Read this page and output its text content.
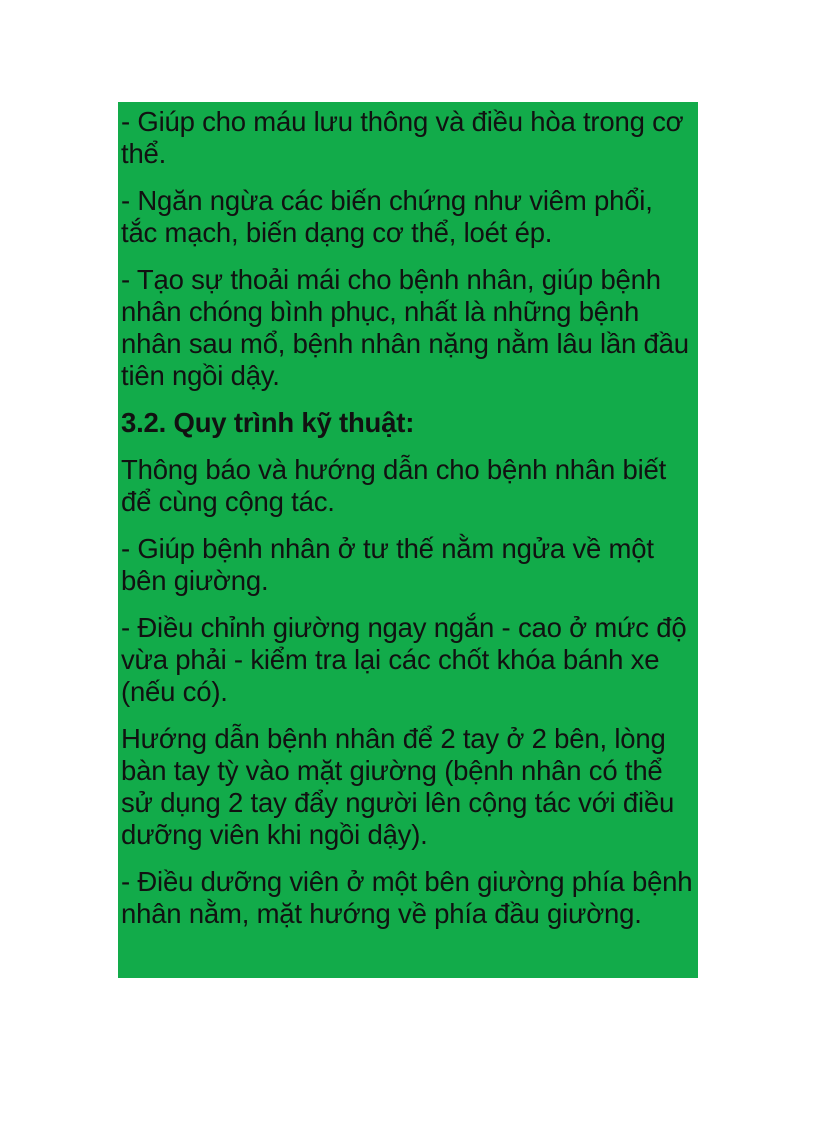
- Giúp cho máu lưu thông và điều hòa trong cơ thể.

- Ngăn ngừa các biến chứng như viêm phổi, tắc mạch, biến dạng cơ thể, loét ép.

- Tạo sự thoải mái cho bệnh nhân, giúp bệnh nhân chóng bình phục, nhất là những bệnh nhân sau mổ, bệnh nhân nặng nằm lâu lần đầu tiên ngồi dậy.

3.2. Quy trình kỹ thuật:

Thông báo và hướng dẫn cho bệnh nhân biết để cùng cộng tác.

- Giúp bệnh nhân ở tư thế nằm ngửa về một bên giường.

- Điều chỉnh giường ngay ngắn - cao ở mức độ vừa phải - kiểm tra lại các chốt khóa bánh xe (nếu có).

Hướng dẫn bệnh nhân để 2 tay ở 2 bên, lòng bàn tay tỳ vào mặt giường (bệnh nhân có thể sử dụng 2 tay đẩy người lên cộng tác với điều dưỡng viên khi ngồi dậy).

- Điều dưỡng viên ở một bên giường phía bệnh nhân nằm, mặt hướng về phía đầu giường.
